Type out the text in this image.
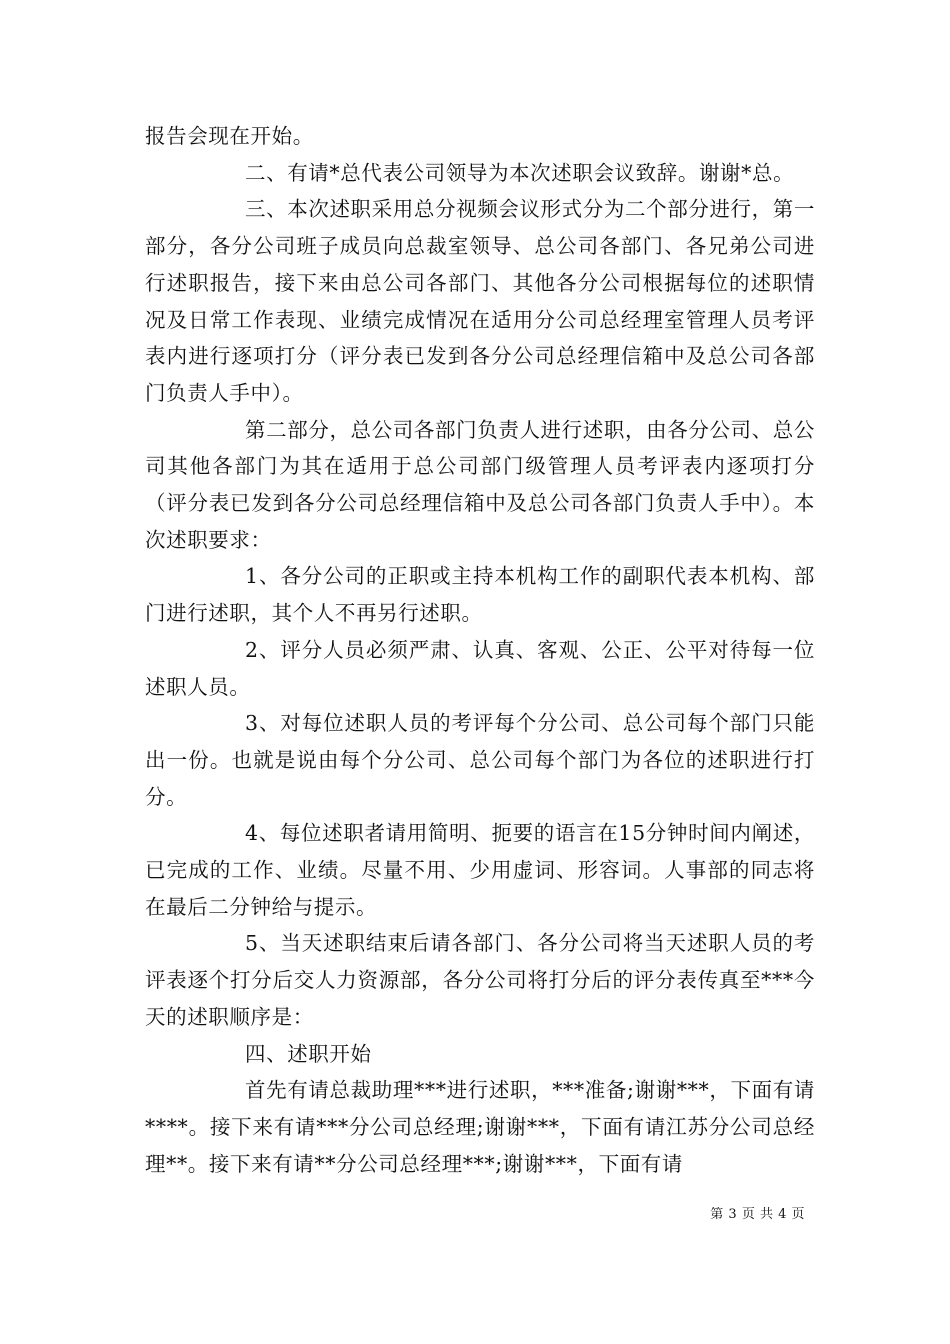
报告会现在开始。

二、有请*总代表公司领导为本次述职会议致辞。谢谢*总。

三、本次述职采用总分视频会议形式分为二个部分进行，第一部分，各分公司班子成员向总裁室领导、总公司各部门、各兄弟公司进行述职报告，接下来由总公司各部门、其他各分公司根据每位的述职情况及日常工作表现、业绩完成情况在适用分公司总经理室管理人员考评表内进行逐项打分（评分表已发到各分公司总经理信箱中及总公司各部门负责人手中）。

第二部分，总公司各部门负责人进行述职，由各分公司、总公司其他各部门为其在适用于总公司部门级管理人员考评表内逐项打分（评分表已发到各分公司总经理信箱中及总公司各部门负责人手中）。本次述职要求：

1、各分公司的正职或主持本机构工作的副职代表本机构、部门进行述职，其个人不再另行述职。

2、评分人员必须严肃、认真、客观、公正、公平对待每一位述职人员。

3、对每位述职人员的考评每个分公司、总公司每个部门只能出一份。也就是说由每个分公司、总公司每个部门为各位的述职进行打分。

4、每位述职者请用简明、扼要的语言在15分钟时间内阐述，已完成的工作、业绩。尽量不用、少用虚词、形容词。人事部的同志将在最后二分钟给与提示。

5、当天述职结束后请各部门、各分公司将当天述职人员的考评表逐个打分后交人力资源部，各分公司将打分后的评分表传真至***今天的述职顺序是：

四、述职开始

首先有请总裁助理***进行述职，***准备;谢谢***，下面有请****。接下来有请***分公司总经理;谢谢***，下面有请江苏分公司总经理**。接下来有请**分公司总经理***;谢谢***，下面有请

第 3 页 共 4 页
